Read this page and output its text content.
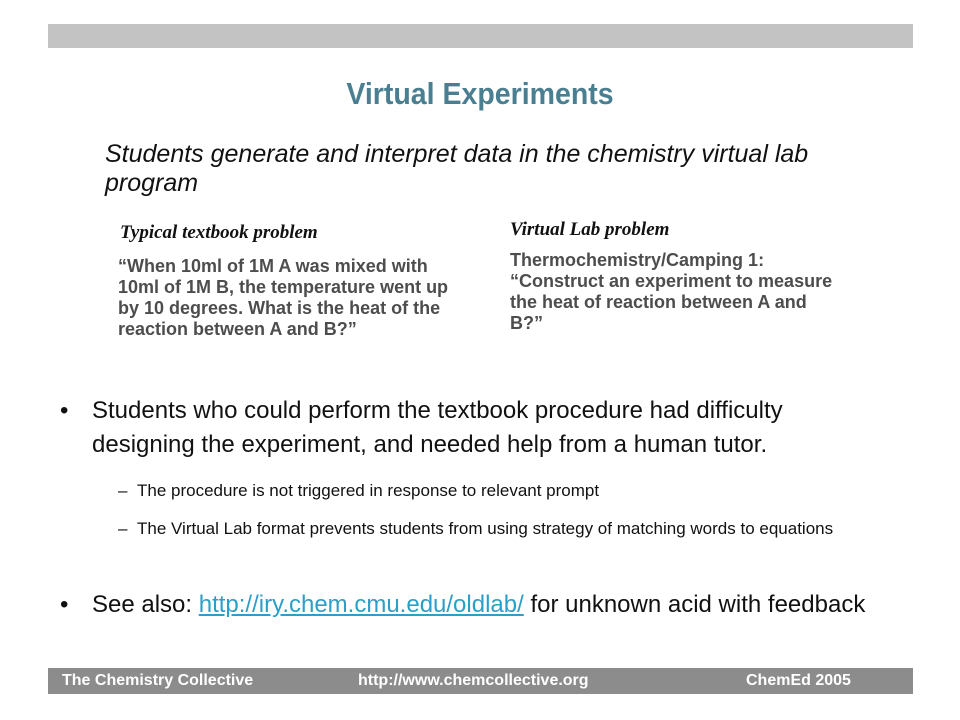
Virtual Experiments
Students generate and interpret data in the chemistry virtual lab program
Typical textbook problem
“When 10ml of 1M A was mixed with 10ml of 1M B, the temperature went up by 10 degrees. What is the heat of the reaction between A and B?”
Virtual Lab problem
Thermochemistry/Camping 1: “Construct an experiment to measure the heat of reaction between A and B?”
• Students who could perform the textbook procedure had difficulty designing the experiment, and needed help from a human tutor.
– The procedure is not triggered in response to relevant prompt
– The Virtual Lab format prevents students from using strategy of matching words to equations
• See also: http://iry.chem.cmu.edu/oldlab/ for unknown acid with feedback
The Chemistry Collective	http://www.chemcollective.org	ChemEd 2005
